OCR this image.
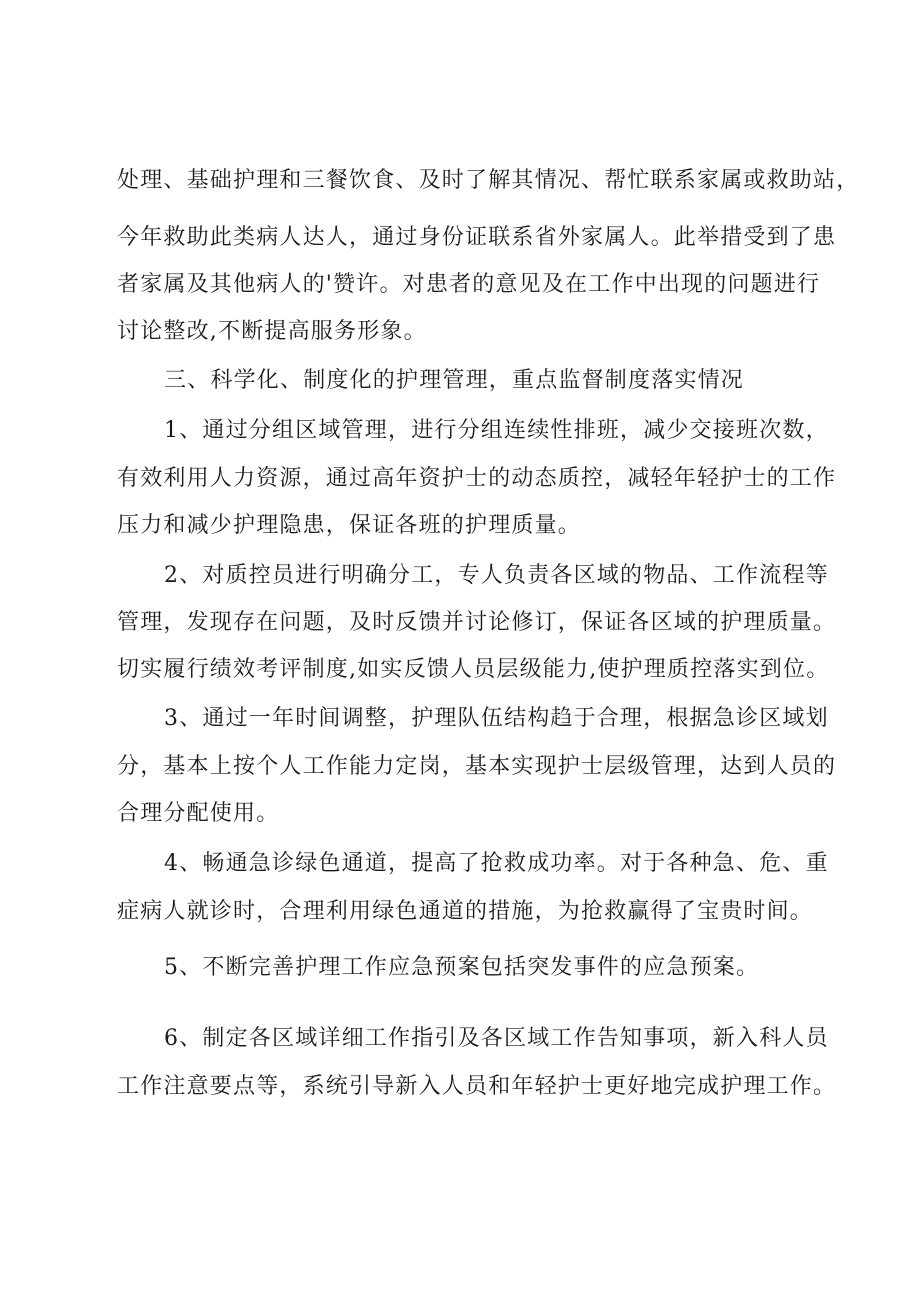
处理、基础护理和三餐饮食、及时了解其情况、帮忙联系家属或救助站，
今年救助此类病人达人，通过身份证联系省外家属人。此举措受到了患
者家属及其他病人的'赞许。对患者的意见及在工作中出现的问题进行
讨论整改,不断提高服务形象。
三、科学化、制度化的护理管理，重点监督制度落实情况
1、通过分组区域管理，进行分组连续性排班，减少交接班次数，
有效利用人力资源，通过高年资护士的动态质控，减轻年轻护士的工作
压力和减少护理隐患，保证各班的护理质量。
2、对质控员进行明确分工，专人负责各区域的物品、工作流程等
管理，发现存在问题，及时反馈并讨论修订，保证各区域的护理质量。
切实履行绩效考评制度,如实反馈人员层级能力,使护理质控落实到位。
3、通过一年时间调整，护理队伍结构趋于合理，根据急诊区域划
分，基本上按个人工作能力定岗，基本实现护士层级管理，达到人员的
合理分配使用。
4、畅通急诊绿色通道，提高了抢救成功率。对于各种急、危、重
症病人就诊时，合理利用绿色通道的措施，为抢救赢得了宝贵时间。
5、不断完善护理工作应急预案包括突发事件的应急预案。
6、制定各区域详细工作指引及各区域工作告知事项，新入科人员
工作注意要点等，系统引导新入人员和年轻护士更好地完成护理工作。
